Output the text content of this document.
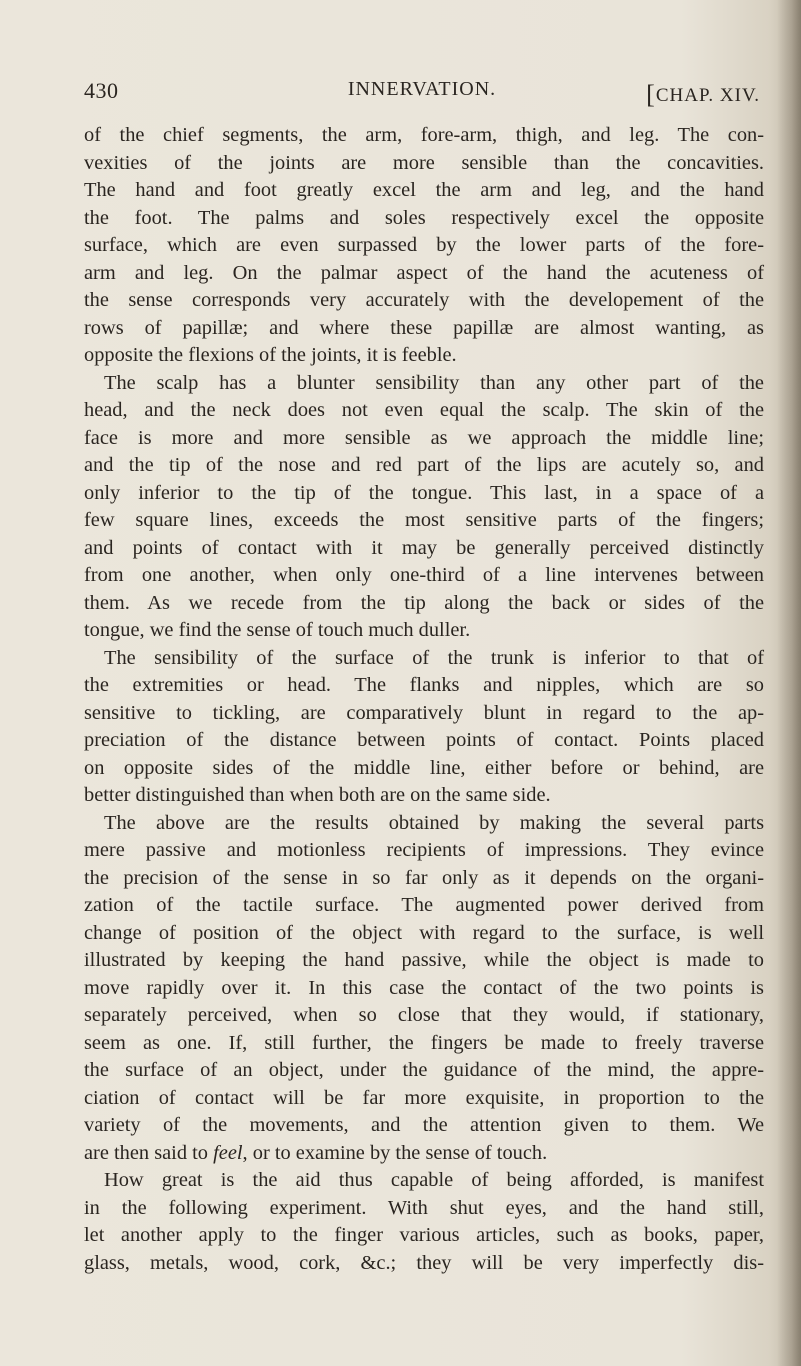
430	INNERVATION.	[CHAP. XIV.
of the chief segments, the arm, fore-arm, thigh, and leg. The con-
vexities of the joints are more sensible than the concavities.
The hand and foot greatly excel the arm and leg, and the hand
the foot. The palms and soles respectively excel the opposite
surface, which are even surpassed by the lower parts of the fore-
arm and leg. On the palmar aspect of the hand the acuteness of
the sense corresponds very accurately with the developement of the
rows of papillæ; and where these papillæ are almost wanting, as
opposite the flexions of the joints, it is feeble.
The scalp has a blunter sensibility than any other part of the
head, and the neck does not even equal the scalp. The skin of the
face is more and more sensible as we approach the middle line;
and the tip of the nose and red part of the lips are acutely so, and
only inferior to the tip of the tongue. This last, in a space of a
few square lines, exceeds the most sensitive parts of the fingers;
and points of contact with it may be generally perceived distinctly
from one another, when only one-third of a line intervenes between
them. As we recede from the tip along the back or sides of the
tongue, we find the sense of touch much duller.
The sensibility of the surface of the trunk is inferior to that of
the extremities or head. The flanks and nipples, which are so
sensitive to tickling, are comparatively blunt in regard to the ap-
preciation of the distance between points of contact. Points placed
on opposite sides of the middle line, either before or behind, are
better distinguished than when both are on the same side.
The above are the results obtained by making the several parts
mere passive and motionless recipients of impressions. They evince
the precision of the sense in so far only as it depends on the organi-
zation of the tactile surface. The augmented power derived from
change of position of the object with regard to the surface, is well
illustrated by keeping the hand passive, while the object is made to
move rapidly over it. In this case the contact of the two points is
separately perceived, when so close that they would, if stationary,
seem as one. If, still further, the fingers be made to freely traverse
the surface of an object, under the guidance of the mind, the appre-
ciation of contact will be far more exquisite, in proportion to the
variety of the movements, and the attention given to them. We
are then said to feel, or to examine by the sense of touch.
How great is the aid thus capable of being afforded, is manifest
in the following experiment. With shut eyes, and the hand still,
let another apply to the finger various articles, such as books, paper,
glass, metals, wood, cork, &c.; they will be very imperfectly dis-
